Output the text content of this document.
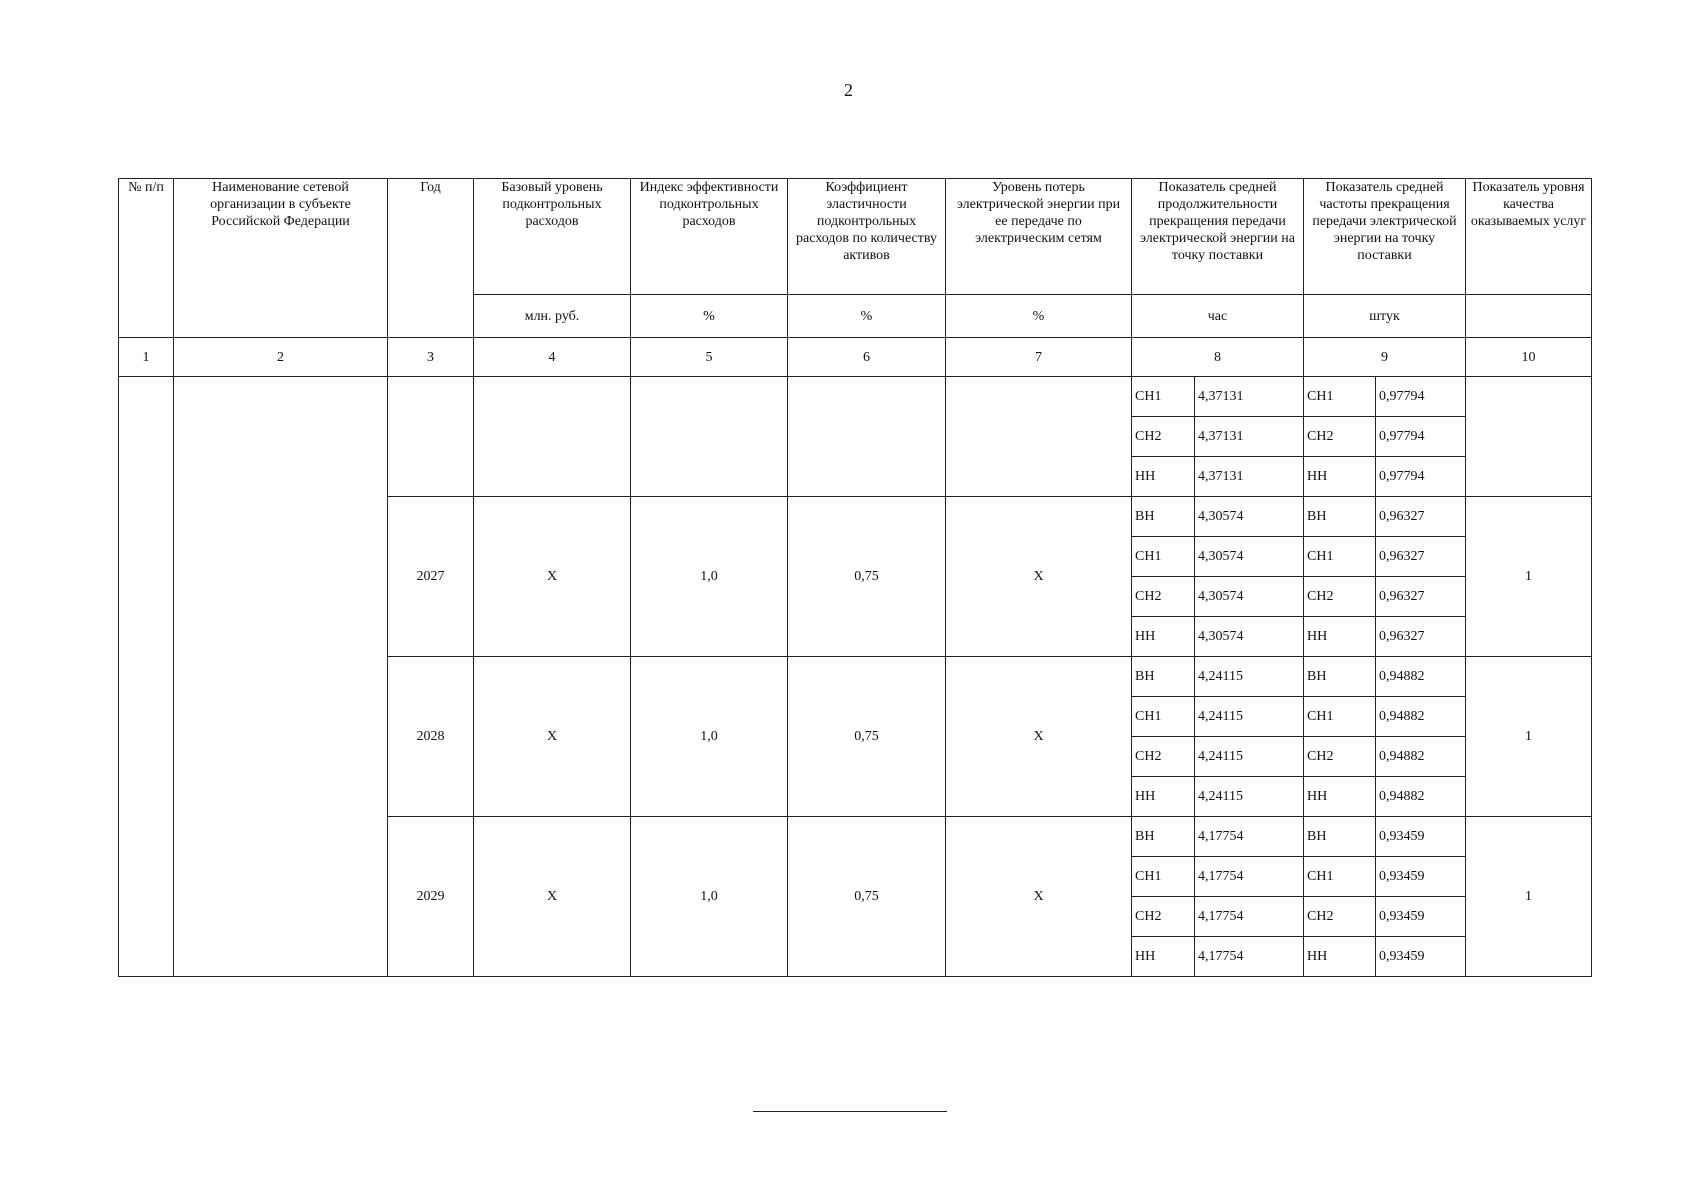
2
№ п/п	Наименование сетевой организации в субъекте Российской Федерации	Год	Базовый уровень подконтрольных расходов	Индекс эффективности подконтрольных расходов	Коэффициент эластичности подконтрольных расходов по количеству активов	Уровень потерь электрической энергии при ее передаче по электрическим сетям	Показатель средней продолжительности прекращения передачи электрической энергии на точку поставки		Показатель средней частоты прекращения передачи электрической энергии на точку поставки		Показатель уровня качества оказываемых услуг
			млн. руб.	%	%	%	час		штук		
1	2	3	4	5	6	7	8		9		10
							СН1	4,37131	СН1	0,97794	
							СН2	4,37131	СН2	0,97794	
							НН	4,37131	НН	0,97794	
		2027	X	1,0	0,75	X	ВН	4,30574	ВН	0,96327	1
							СН1	4,30574	СН1	0,96327	
							СН2	4,30574	СН2	0,96327	
							НН	4,30574	НН	0,96327	
		2028	X	1,0	0,75	X	ВН	4,24115	ВН	0,94882	1
							СН1	4,24115	СН1	0,94882	
							СН2	4,24115	СН2	0,94882	
							НН	4,24115	НН	0,94882	
		2029	X	1,0	0,75	X	ВН	4,17754	ВН	0,93459	1
							СН1	4,17754	СН1	0,93459	
							СН2	4,17754	СН2	0,93459	
							НН	4,17754	НН	0,93459	
